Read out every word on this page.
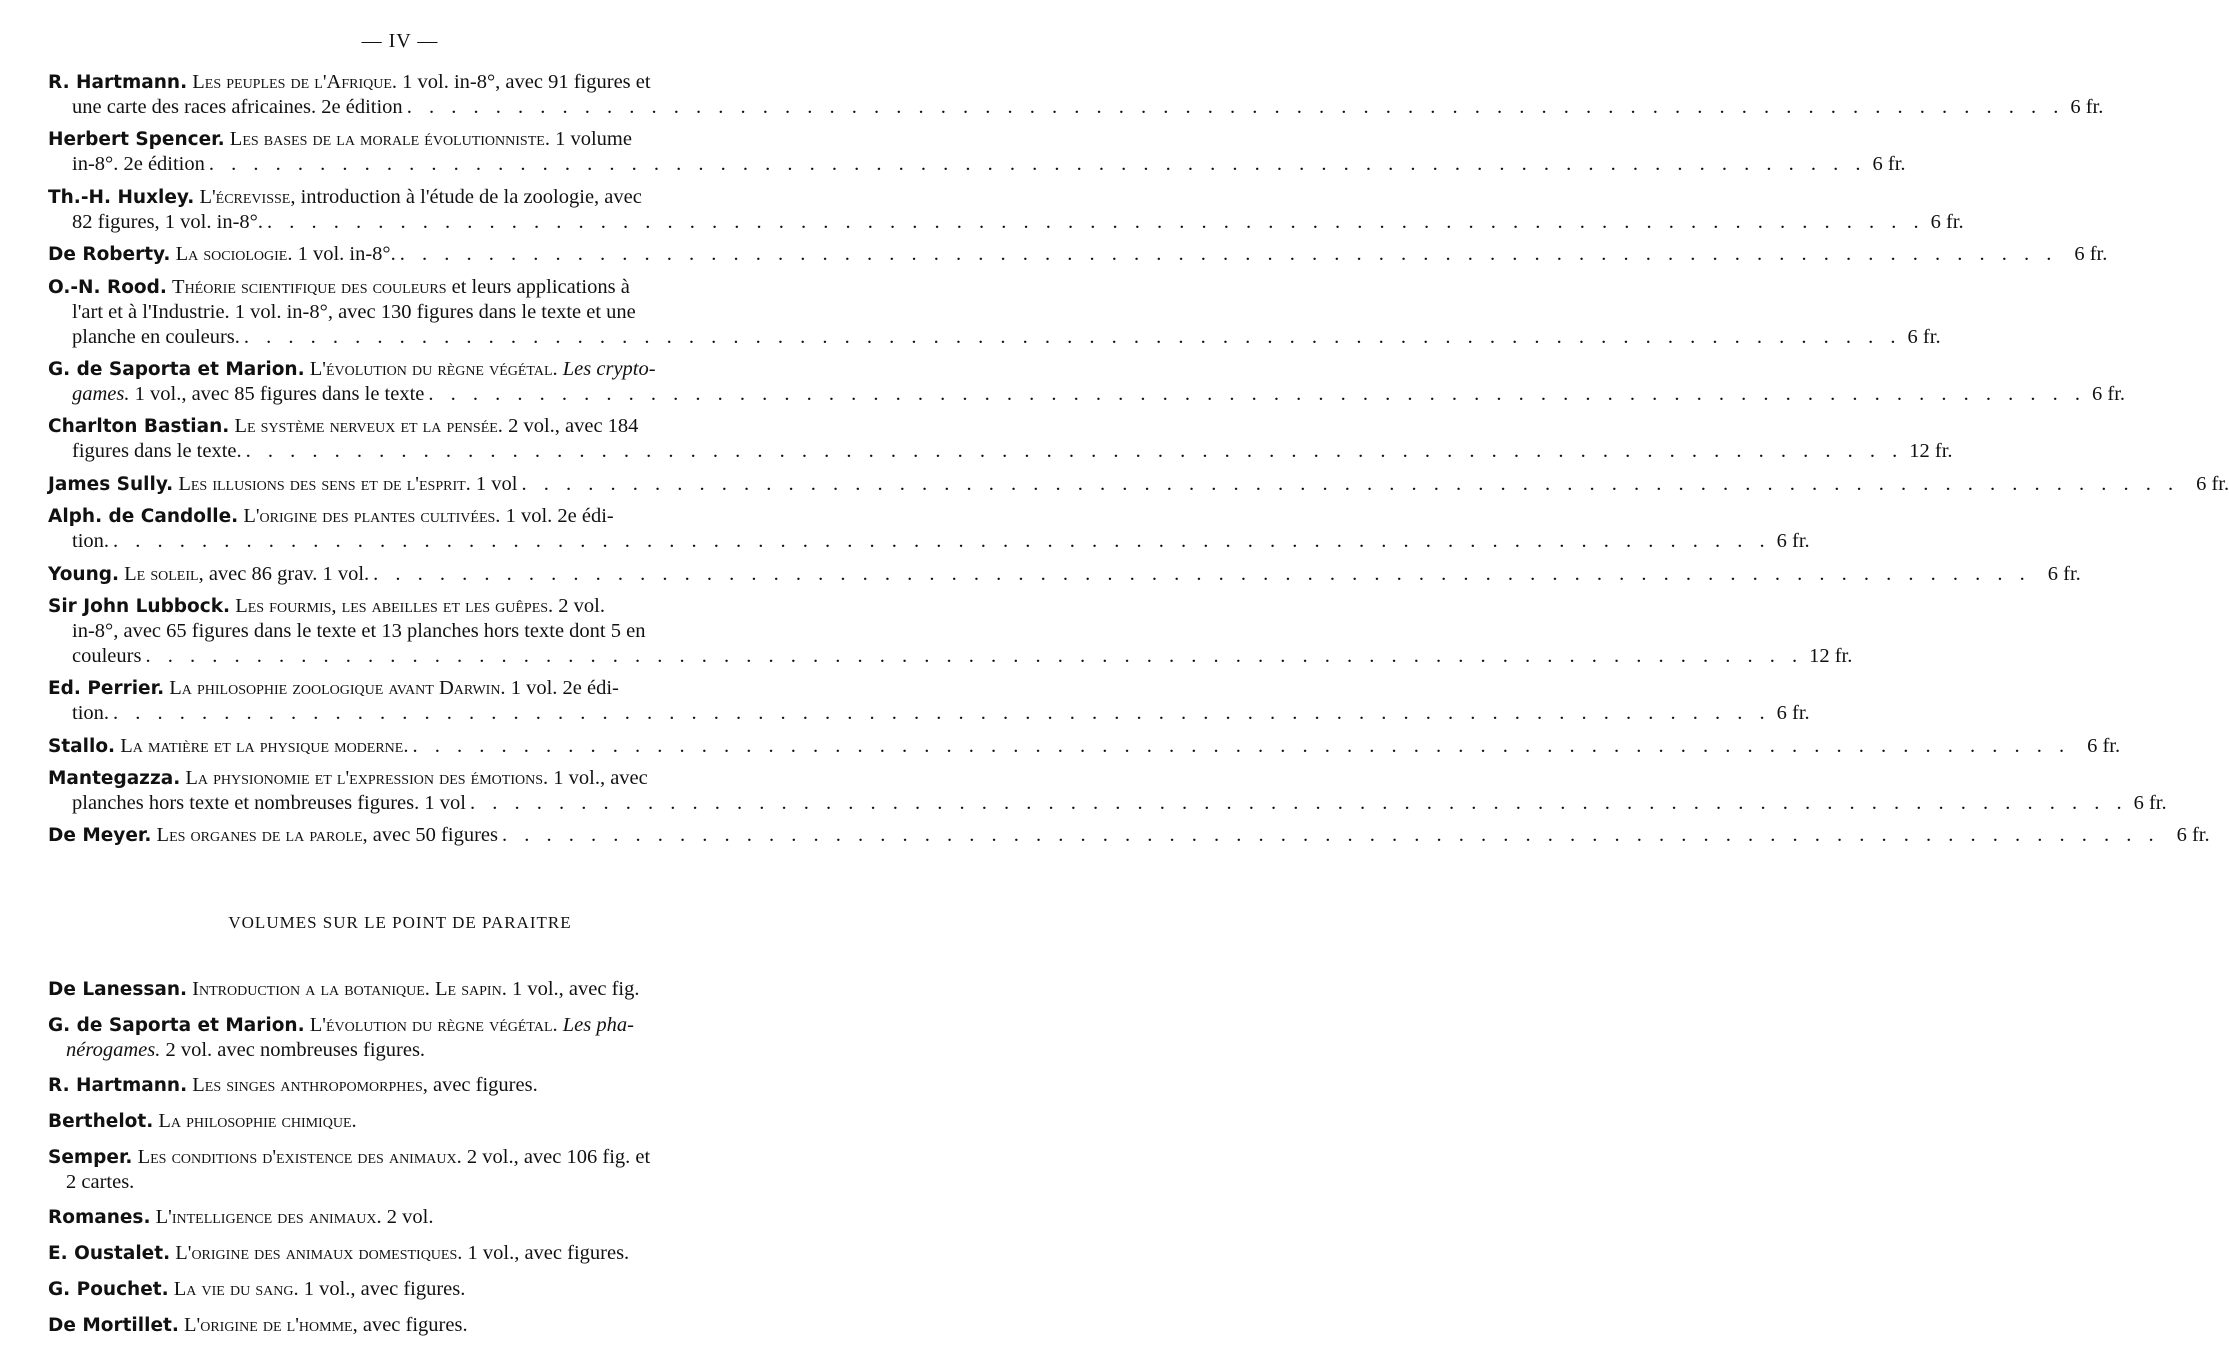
— IV —
R. Hartmann. Les peuples de l'Afrique. 1 vol. in-8°, avec 91 figures et
une carte des races africaines. 2e édition . . .	6 fr.
Herbert Spencer. Les bases de la morale évolutionniste. 1 volume
in-8°. 2e édition . . .	6 fr.
Th.-H. Huxley. L'écrevisse, introduction à l'étude de la zoologie, avec
82 figures, 1 vol. in-8°. . . .	6 fr.
De Roberty. La sociologie. 1 vol. in-8°. . . .	6 fr.
O.-N. Rood. Théorie scientifique des couleurs et leurs applications à
l'art et à l'Industrie. 1 vol. in-8°, avec 130 figures dans le texte et une
planche en couleurs. . . .	6 fr.
G. de Saporta et Marion. L'évolution du règne végétal. Les crypto-
games. 1 vol., avec 85 figures dans le texte . . .	6 fr.
Charlton Bastian. Le système nerveux et la pensée. 2 vol., avec 184
figures dans le texte. . . .	12 fr.
James Sully. Les illusions des sens et de l'esprit. 1 vol . . .	6 fr.
Alph. de Candolle. L'origine des plantes cultivées. 1 vol. 2e édi-
tion. . . .	6 fr.
Young. Le soleil, avec 86 grav. 1 vol. . . .	6 fr.
Sir John Lubbock. Les fourmis, les abeilles et les guêpes. 2 vol.
in-8°, avec 65 figures dans le texte et 13 planches hors texte dont 5 en
couleurs . . .	12 fr.
Ed. Perrier. La philosophie zoologique avant Darwin. 1 vol. 2e édi-
tion. . . .	6 fr.
Stallo. La matière et la physique moderne. . . .	6 fr.
Mantegazza. La physionomie et l'expression des émotions. 1 vol., avec
planches hors texte et nombreuses figures. 1 vol . . .	6 fr.
De Meyer. Les organes de la parole, avec 50 figures . . .	6 fr.
VOLUMES SUR LE POINT DE PARAITRE
De Lanessan. Introduction a la botanique. Le sapin. 1 vol., avec fig.
G. de Saporta et Marion. L'évolution du règne végétal. Les pha-
nérogames. 2 vol. avec nombreuses figures.
R. Hartmann. Les singes anthropomorphes, avec figures.
Berthelot. La philosophie chimique.
Semper. Les conditions d'existence des animaux. 2 vol., avec 106 fig. et
2 cartes.
Romanes. L'intelligence des animaux. 2 vol.
E. Oustalet. L'origine des animaux domestiques. 1 vol., avec figures.
G. Pouchet. La vie du sang. 1 vol., avec figures.
De Mortillet. L'origine de l'homme, avec figures.
